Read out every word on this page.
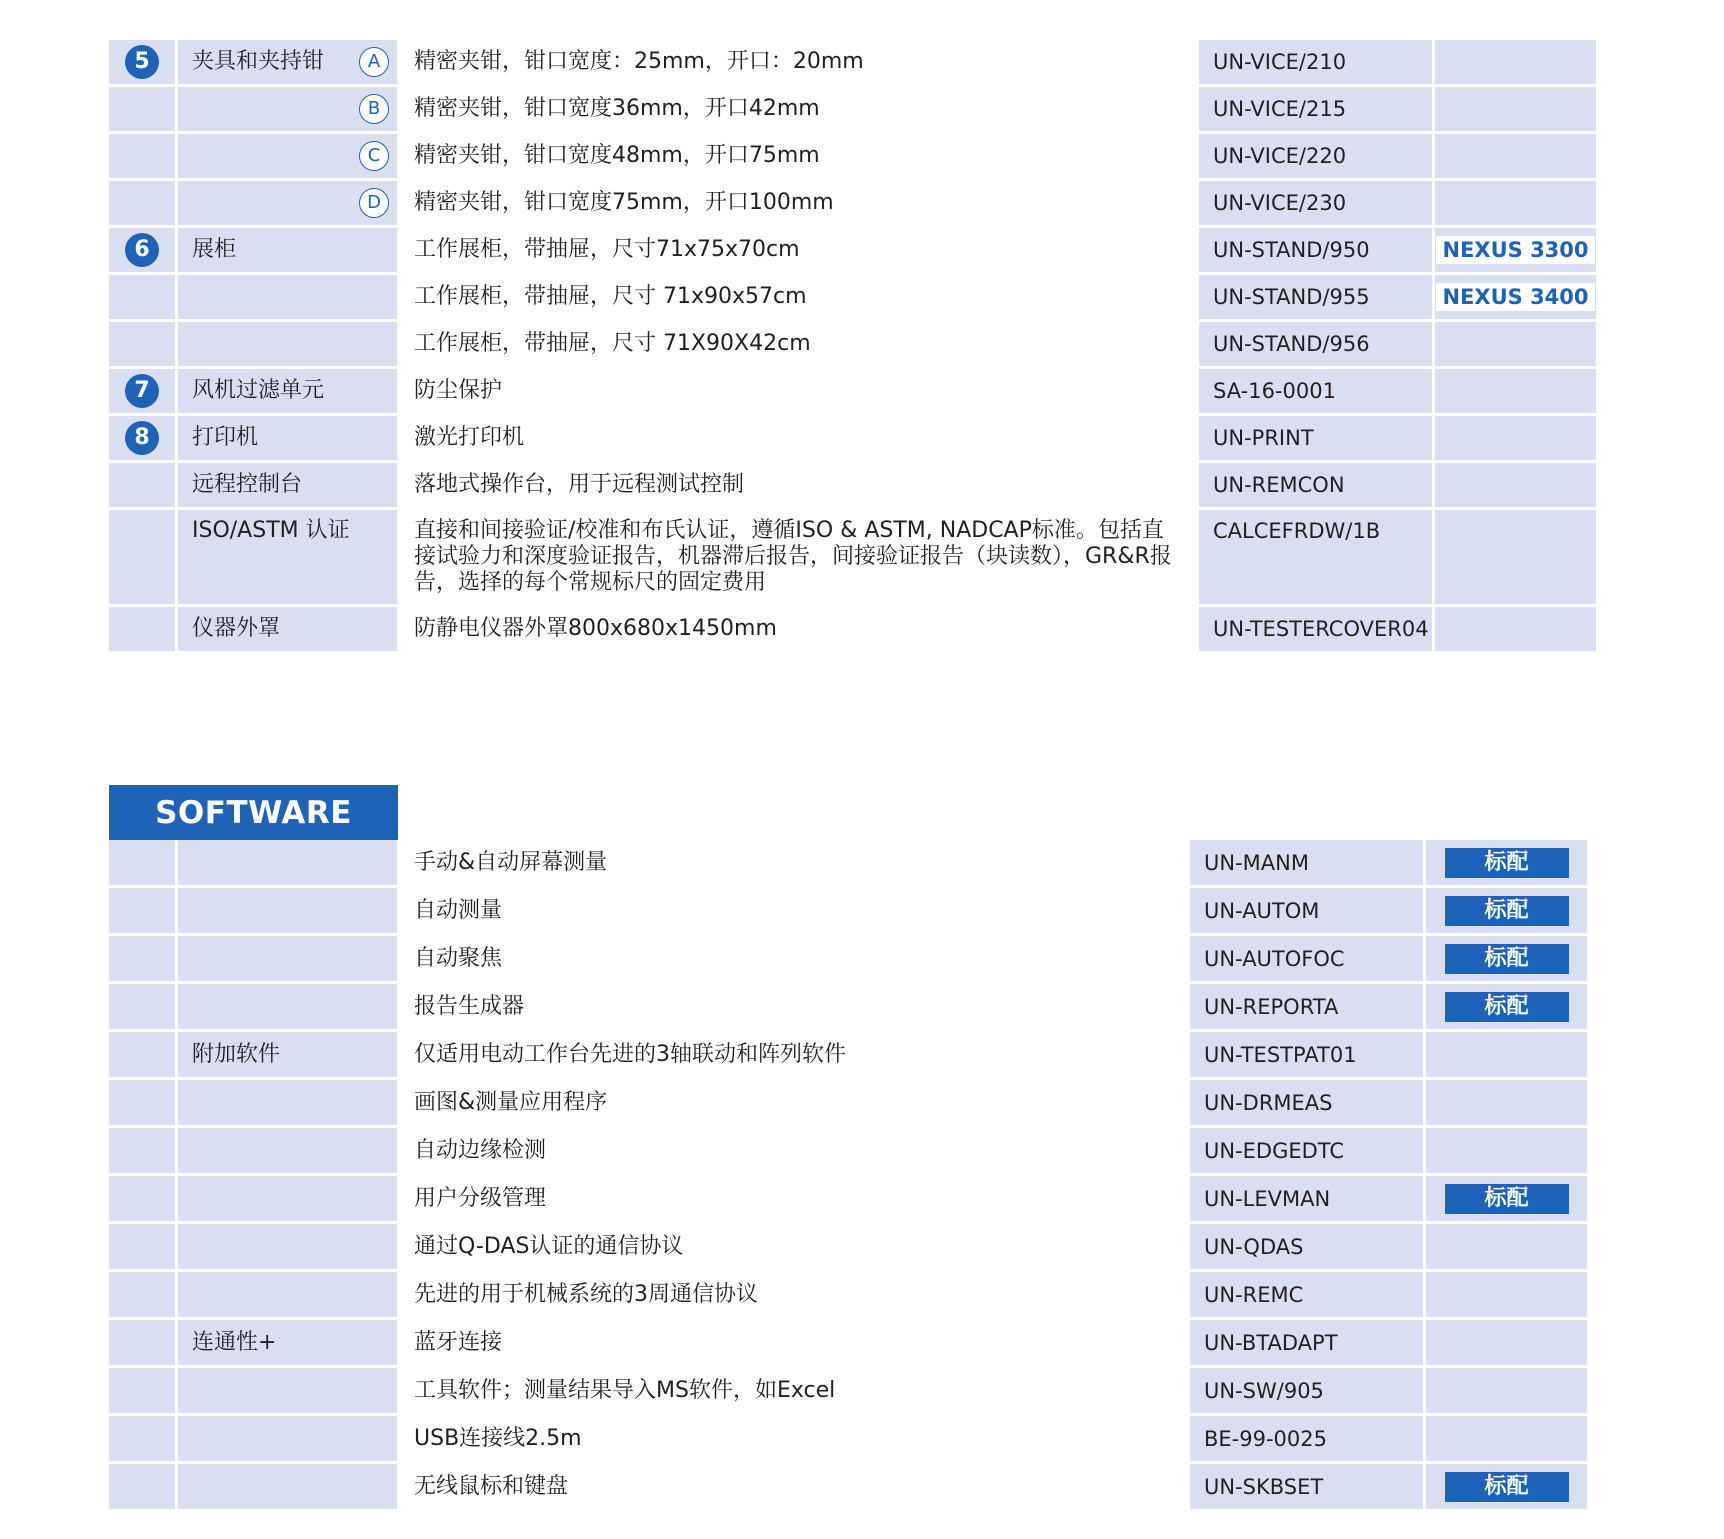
5		夹具和夹持钳 A		精密夹钳，钳口宽度：25mm，开口：20mm		UN-VICE/210		

		B		精密夹钳，钳口宽度36mm，开口42mm		UN-VICE/215		

		C		精密夹钳，钳口宽度48mm，开口75mm		UN-VICE/220		

		D		精密夹钳，钳口宽度75mm，开口100mm		UN-VICE/230		
6		展柜		工作展柜，带抽屉，尺寸71x75x70cm		UN-STAND/950		NEXUS 3300
				工作展柜，带抽屉，尺寸 71x90x57cm		UN-STAND/955		NEXUS 3400
				工作展柜，带抽屉，尺寸 71X90X42cm		UN-STAND/956		
7		风机过滤单元		防尘保护		SA-16-0001		
8		打印机		激光打印机		UN-PRINT		
		远程控制台		落地式操作台，用于远程测试控制		UN-REMCON		
		ISO/ASTM 认证		直接和间接验证/校准和布氏认证，遵循ISO & ASTM, NADCAP标准。包括直接试验力和深度验证报告，机器滞后报告，间接验证报告（块读数），GR&R报告，选择的每个常规标尺的固定费用		CALCEFRDW/1B		
		仪器外罩		防静电仪器外罩800x680x1450mm		UN-TESTERCOVER04		
SOFTWARE
				手动&自动屏幕测量		UN-MANM		标配
				自动测量		UN-AUTOM		标配
				自动聚焦		UN-AUTOFOC		标配
				报告生成器		UN-REPORTA		标配
		附加软件		仅适用电动工作台先进的3轴联动和阵列软件		UN-TESTPAT01		
				画图&测量应用程序		UN-DRMEAS		
				自动边缘检测		UN-EDGEDTC		
				用户分级管理		UN-LEVMAN		标配
				通过Q-DAS认证的通信协议		UN-QDAS		
				先进的用于机械系统的3周通信协议		UN-REMC		
		连通性+		蓝牙连接		UN-BTADAPT		
				工具软件；测量结果导入MS软件，如Excel		UN-SW/905		
				USB连接线2.5m		BE-99-0025		
				无线鼠标和键盘		UN-SKBSET		标配
